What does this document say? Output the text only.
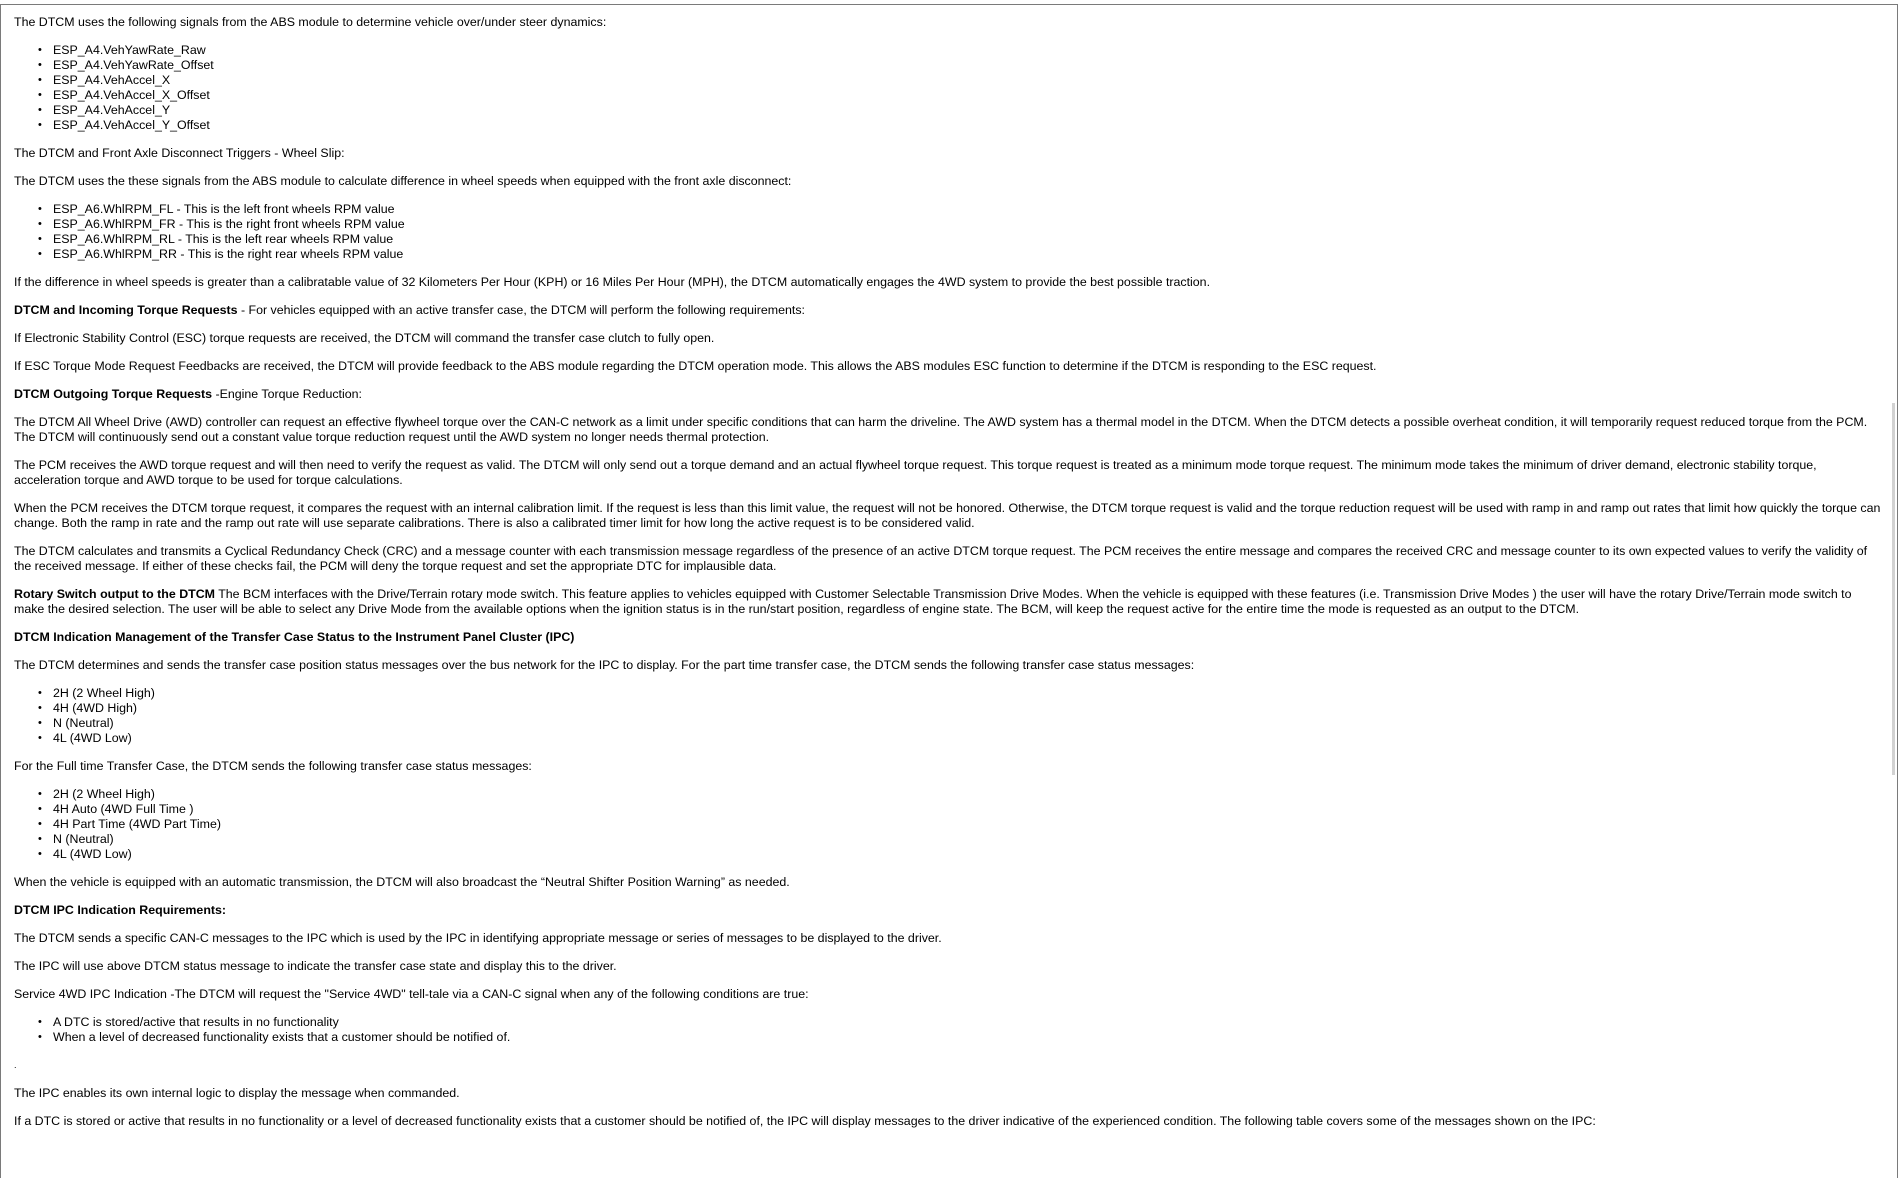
The DTCM uses the following signals from the ABS module to determine vehicle over/under steer dynamics:

• ESP_A4.VehYawRate_Raw
• ESP_A4.VehYawRate_Offset
• ESP_A4.VehAccel_X
• ESP_A4.VehAccel_X_Offset
• ESP_A4.VehAccel_Y
• ESP_A4.VehAccel_Y_Offset

The DTCM and Front Axle Disconnect Triggers - Wheel Slip:

The DTCM uses the these signals from the ABS module to calculate difference in wheel speeds when equipped with the front axle disconnect:

• ESP_A6.WhlRPM_FL - This is the left front wheels RPM value
• ESP_A6.WhlRPM_FR - This is the right front wheels RPM value
• ESP_A6.WhlRPM_RL - This is the left rear wheels RPM value
• ESP_A6.WhlRPM_RR - This is the right rear wheels RPM value

If the difference in wheel speeds is greater than a calibratable value of 32 Kilometers Per Hour (KPH) or 16 Miles Per Hour (MPH), the DTCM automatically engages the 4WD system to provide the best possible traction.

DTCM and Incoming Torque Requests - For vehicles equipped with an active transfer case, the DTCM will perform the following requirements:

If Electronic Stability Control (ESC) torque requests are received, the DTCM will command the transfer case clutch to fully open.

If ESC Torque Mode Request Feedbacks are received, the DTCM will provide feedback to the ABS module regarding the DTCM operation mode. This allows the ABS modules ESC function to determine if the DTCM is responding to the ESC request.

DTCM Outgoing Torque Requests -Engine Torque Reduction:

The DTCM All Wheel Drive (AWD) controller can request an effective flywheel torque over the CAN-C network as a limit under specific conditions that can harm the driveline. The AWD system has a thermal model in the DTCM. When the DTCM detects a possible overheat condition, it will temporarily request reduced torque from the PCM. The DTCM will continuously send out a constant value torque reduction request until the AWD system no longer needs thermal protection.

The PCM receives the AWD torque request and will then need to verify the request as valid. The DTCM will only send out a torque demand and an actual flywheel torque request. This torque request is treated as a minimum mode torque request. The minimum mode takes the minimum of driver demand, electronic stability torque, acceleration torque and AWD torque to be used for torque calculations.

When the PCM receives the DTCM torque request, it compares the request with an internal calibration limit. If the request is less than this limit value, the request will not be honored. Otherwise, the DTCM torque request is valid and the torque reduction request will be used with ramp in and ramp out rates that limit how quickly the torque can change. Both the ramp in rate and the ramp out rate will use separate calibrations. There is also a calibrated timer limit for how long the active request is to be considered valid.

The DTCM calculates and transmits a Cyclical Redundancy Check (CRC) and a message counter with each transmission message regardless of the presence of an active DTCM torque request. The PCM receives the entire message and compares the received CRC and message counter to its own expected values to verify the validity of the received message. If either of these checks fail, the PCM will deny the torque request and set the appropriate DTC for implausible data.

Rotary Switch output to the DTCM The BCM interfaces with the Drive/Terrain rotary mode switch. This feature applies to vehicles equipped with Customer Selectable Transmission Drive Modes. When the vehicle is equipped with these features (i.e. Transmission Drive Modes ) the user will have the rotary Drive/Terrain mode switch to make the desired selection. The user will be able to select any Drive Mode from the available options when the ignition status is in the run/start position, regardless of engine state. The BCM, will keep the request active for the entire time the mode is requested as an output to the DTCM.

DTCM Indication Management of the Transfer Case Status to the Instrument Panel Cluster (IPC)

The DTCM determines and sends the transfer case position status messages over the bus network for the IPC to display. For the part time transfer case, the DTCM sends the following transfer case status messages:

• 2H (2 Wheel High)
• 4H (4WD High)
• N (Neutral)
• 4L (4WD Low)

For the Full time Transfer Case, the DTCM sends the following transfer case status messages:

• 2H (2 Wheel High)
• 4H Auto (4WD Full Time )
• 4H Part Time (4WD Part Time)
• N (Neutral)
• 4L (4WD Low)

When the vehicle is equipped with an automatic transmission, the DTCM will also broadcast the “Neutral Shifter Position Warning” as needed.

DTCM IPC Indication Requirements:

The DTCM sends a specific CAN-C messages to the IPC which is used by the IPC in identifying appropriate message or series of messages to be displayed to the driver.

The IPC will use above DTCM status message to indicate the transfer case state and display this to the driver.

Service 4WD IPC Indication -The DTCM will request the "Service 4WD" tell-tale via a CAN-C signal when any of the following conditions are true:

• A DTC is stored/active that results in no functionality
• When a level of decreased functionality exists that a customer should be notified of.

.

The IPC enables its own internal logic to display the message when commanded.

If a DTC is stored or active that results in no functionality or a level of decreased functionality exists that a customer should be notified of, the IPC will display messages to the driver indicative of the experienced condition. The following table covers some of the messages shown on the IPC:
